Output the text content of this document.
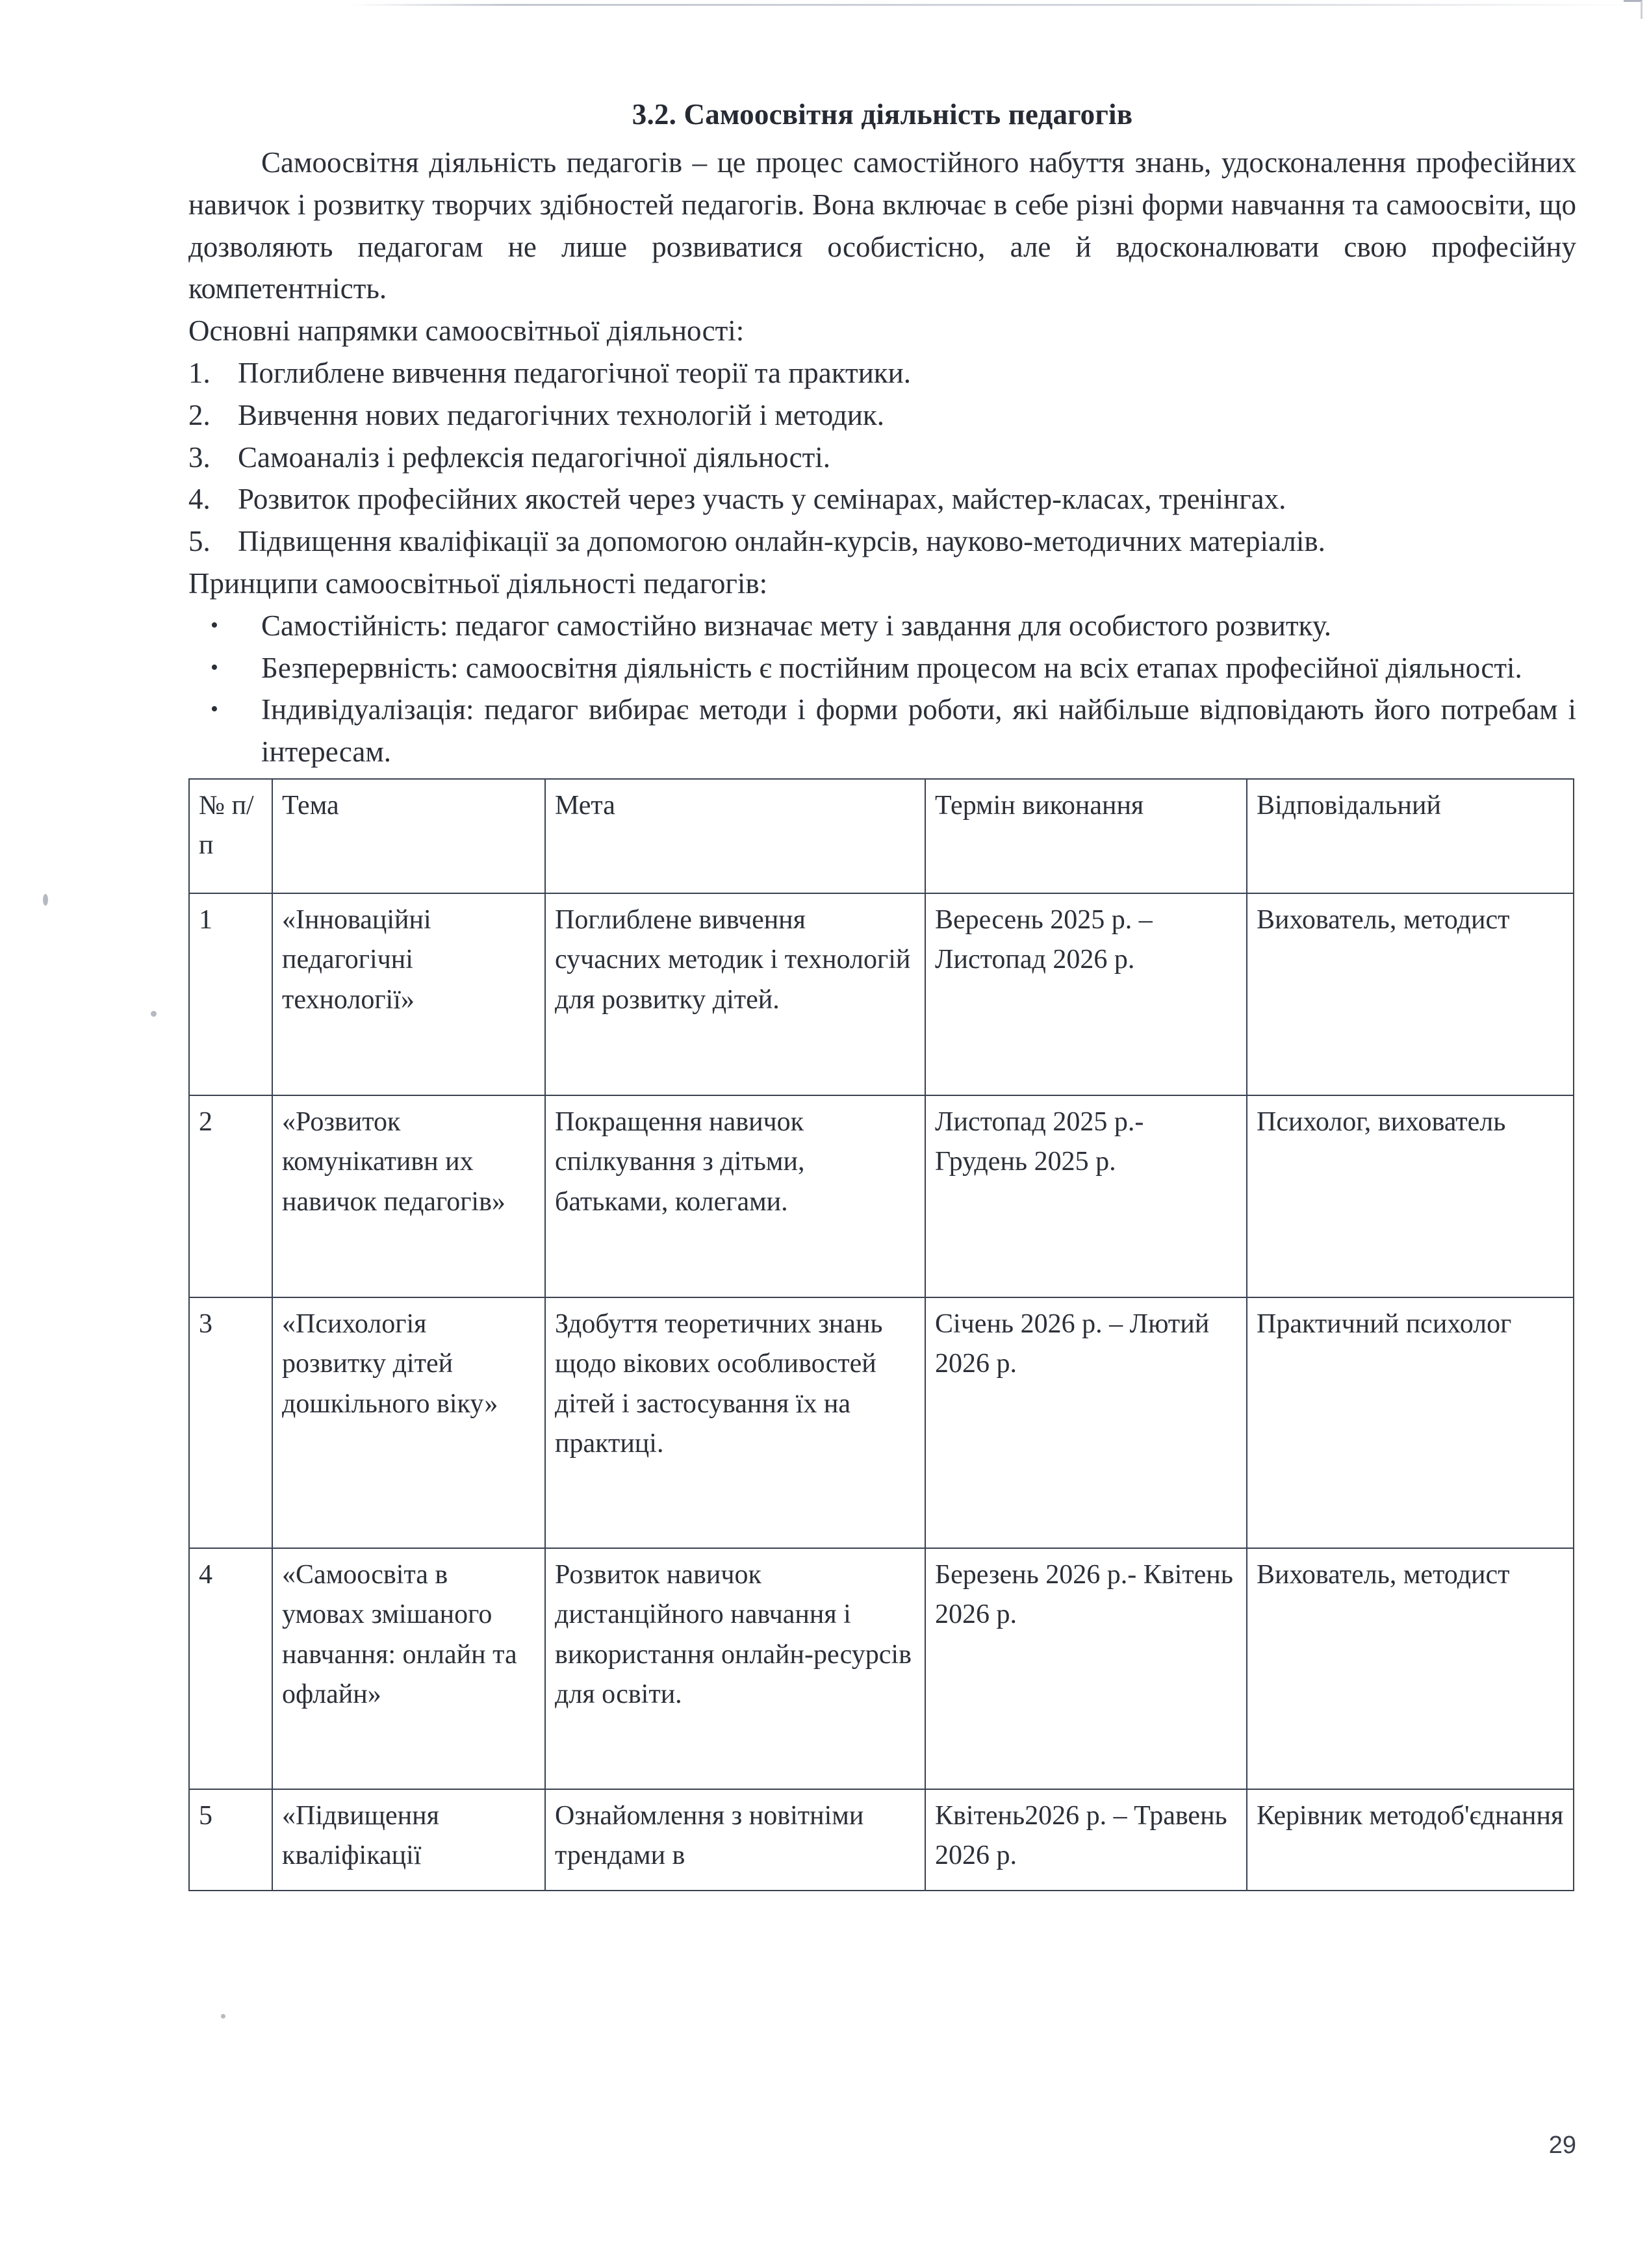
3.2. Самоосвітня діяльність педагогів

Самоосвітня діяльність педагогів – це процес самостійного набуття знань, удосконалення професійних навичок і розвитку творчих здібностей педагогів. Вона включає в себе різні форми навчання та самоосвіти, що дозволяють педагогам не лише розвиватися особистісно, але й вдосконалювати свою професійну компетентність.

Основні напрямки самоосвітньої діяльності:

1. Поглиблене вивчення педагогічної теорії та практики.
2. Вивчення нових педагогічних технологій і методик.
3. Самоаналіз і рефлексія педагогічної діяльності.
4. Розвиток професійних якостей через участь у семінарах, майстер-класах, тренінгах.
5. Підвищення кваліфікації за допомогою онлайн-курсів, науково-методичних матеріалів.

Принципи самоосвітньої діяльності педагогів:

•	Самостійність: педагог самостійно визначає мету і завдання для особистого розвитку.
•	Безперервність: самоосвітня діяльність є постійним процесом на всіх етапах професійної діяльності.
•	Індивідуалізація: педагог вибирає методи і форми роботи, які найбільше відповідають його потребам і інтересам.
№ п/п	Тема	Мета	Термін виконання	Відповідальний
1	«Інноваційні педагогічні технології»	Поглиблене вивчення сучасних методик і технологій для розвитку дітей.	Вересень 2025 р. – Листопад 2026 р.	Вихователь, методист
2	«Розвиток комунікативн их навичок педагогів»	Покращення навичок спілкування з дітьми, батьками, колегами.	Листопад 2025 р.- Грудень 2025 р.	Психолог, вихователь
3	«Психологія розвитку дітей дошкільного віку»	Здобуття теоретичних знань щодо вікових особливостей дітей і застосування їх на практиці.	Січень 2026 р. – Лютий 2026 р.	Практичний психолог
4	«Самоосвіта в умовах змішаного навчання: онлайн та офлайн»	Розвиток навичок дистанційного навчання і використання онлайн-ресурсів для освіти.	Березень 2026 р.- Квітень 2026 р.	Вихователь, методист
5	«Підвищення кваліфікації	Ознайомлення з новітніми трендами в	Квітень2026 р. – Травень 2026 р.	Керівник методоб'єднання
29
